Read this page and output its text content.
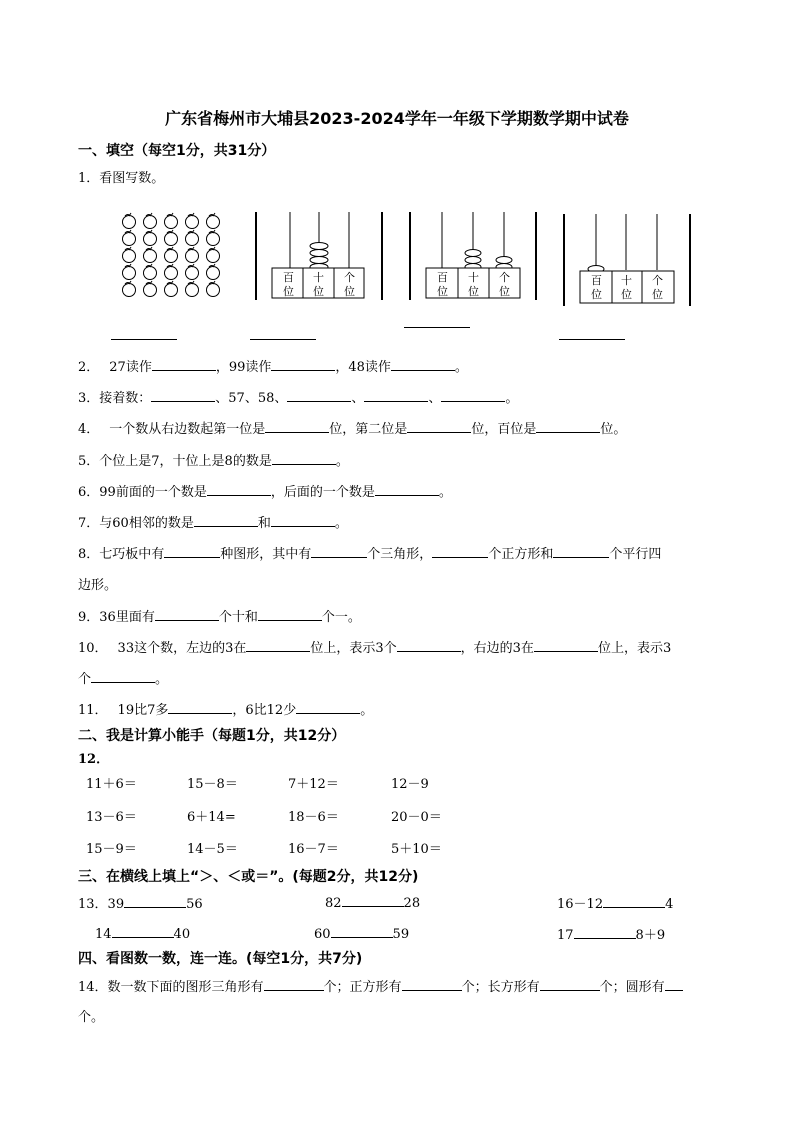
广东省梅州市大埔县2023-2024学年一年级下学期数学期中试卷
一、填空（每空1分，共31分）
1．看图写数。
百
位
十
位
个
位
百
位
十
位
个
位
百
位
十
位
个
位
2． 27读作	，99读作	，48读作	。
3．接着数：	、57、58、	、	、	。
4． 一个数从右边数起第一位是	位，第二位是	位，百位是	位。
5．个位上是7，十位上是8的数是	。
6．99前面的一个数是	，后面的一个数是	。
7．与60相邻的数是	和	。
8．七巧板中有	种图形，其中有	个三角形，	个正方形和	个平行四
边形。
9．36里面有	个十和	个一。
10． 33这个数，左边的3在	位上，表示3个	，右边的3在	位上，表示3
个	。
11． 19比7多	，6比12少	。
二、我是计算小能手（每题1分，共12分）
12．
11＋6＝	15－8＝	7＋12＝	12－9
13－6＝	6＋14=	18－6＝	20－0＝
15－9＝	14－5＝	16－7＝	5＋10＝
三、在横线上填上“＞、＜或＝”。(每题2分，共12分)
13．39	56	82	28	16－12	4
14	40	60	59	17	8＋9
四、看图数一数，连一连。(每空1分，共7分)
14．数一数下面的图形三角形有	个；正方形有	个；长方形有	个；圆形有
个。
